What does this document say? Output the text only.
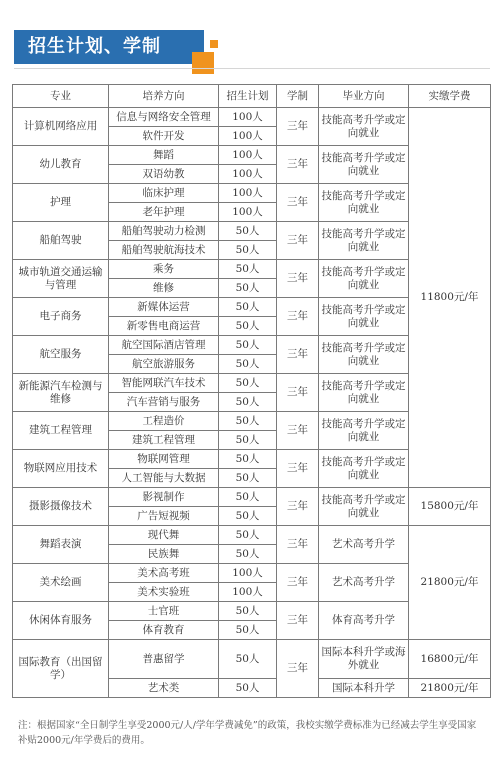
招生计划、学制
专业	培养方向	招生计划	学制	毕业方向	实缴学费
计算机网络应用	信息与网络安全管理	100人	三年	技能高考升学或定向就业	11800元/年
	软件开发	100人			
幼儿教育	舞蹈	100人	三年	技能高考升学或定向就业	
	双语幼教	100人			
护理	临床护理	100人	三年	技能高考升学或定向就业	
	老年护理	100人			
船舶驾驶	船舶驾驶动力检测	50人	三年	技能高考升学或定向就业	
	船舶驾驶航海技术	50人			
城市轨道交通运输与管理	乘务	50人	三年	技能高考升学或定向就业	
	维修	50人			
电子商务	新媒体运营	50人	三年	技能高考升学或定向就业	
	新零售电商运营	50人			
航空服务	航空国际酒店管理	50人	三年	技能高考升学或定向就业	
	航空旅游服务	50人			
新能源汽车检测与维修	智能网联汽车技术	50人	三年	技能高考升学或定向就业	
	汽车营销与服务	50人			
建筑工程管理	工程造价	50人	三年	技能高考升学或定向就业	
	建筑工程管理	50人			
物联网应用技术	物联网管理	50人	三年	技能高考升学或定向就业	
	人工智能与大数据	50人			
摄影摄像技术	影视制作	50人	三年	技能高考升学或定向就业	15800元/年
	广告短视频	50人			
舞蹈表演	现代舞	50人	三年	艺术高考升学	21800元/年
	民族舞	50人			
美术绘画	美术高考班	100人	三年	艺术高考升学	
	美术实验班	100人			
休闲体育服务	士官班	50人	三年	体育高考升学	
	体育教育	50人			
国际教育（出国留学）	普惠留学	50人	三年	国际本科升学或海外就业	16800元/年
	艺术类	50人		国际本科升学	21800元/年
注：根据国家“全日制学生享受2000元/人/学年学费减免”的政策，我校实缴学费标准为已经减去学生享受国家补贴2000元/年学费后的费用。
